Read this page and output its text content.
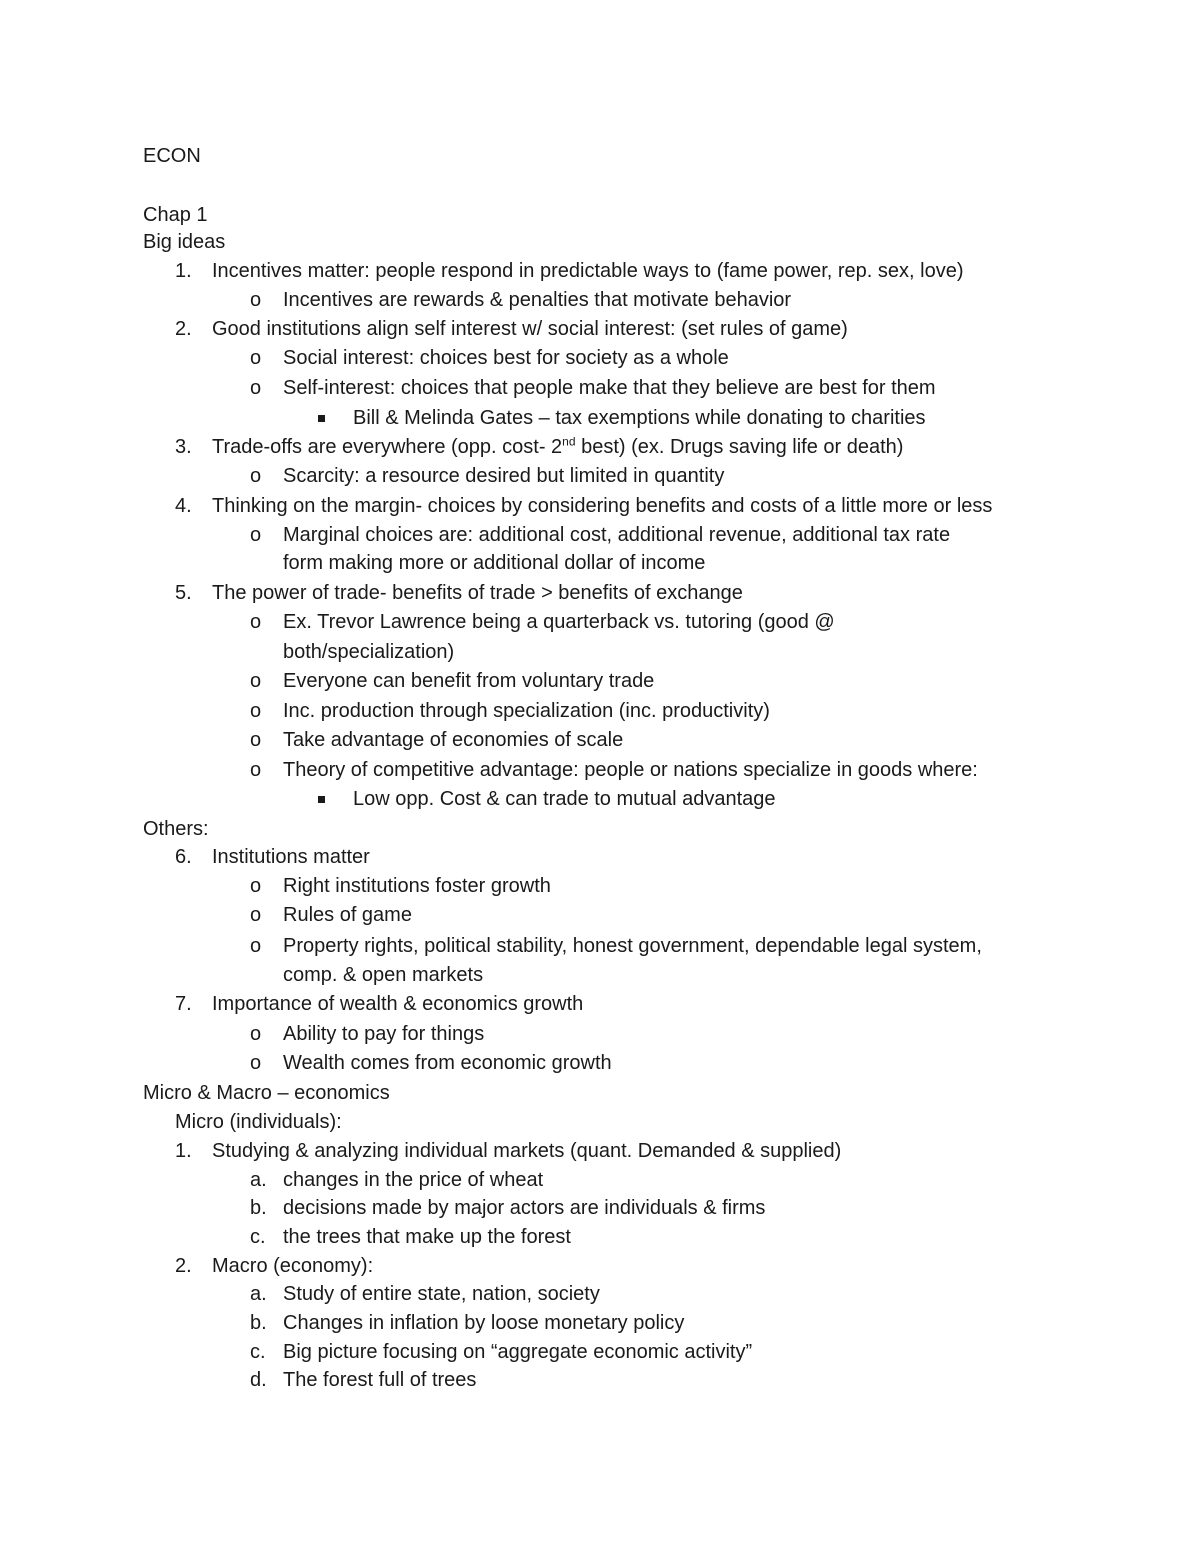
ECON
Chap 1
Big ideas
1. Incentives matter: people respond in predictable ways to (fame power, rep. sex, love)
o Incentives are rewards & penalties that motivate behavior
2. Good institutions align self interest w/ social interest: (set rules of game)
o Social interest: choices best for society as a whole
o Self-interest: choices that people make that they believe are best for them
Bill & Melinda Gates – tax exemptions while donating to charities
3. Trade-offs are everywhere (opp. cost- 2nd best) (ex. Drugs saving life or death)
o Scarcity: a resource desired but limited in quantity
4. Thinking on the margin- choices by considering benefits and costs of a little more or less
o Marginal choices are: additional cost, additional revenue, additional tax rate
form making more or additional dollar of income
5. The power of trade- benefits of trade > benefits of exchange
o Ex. Trevor Lawrence being a quarterback vs. tutoring (good @
both/specialization)
o Everyone can benefit from voluntary trade
o Inc. production through specialization (inc. productivity)
o Take advantage of economies of scale
o Theory of competitive advantage: people or nations specialize in goods where:
Low opp. Cost & can trade to mutual advantage
Others:
6. Institutions matter
o Right institutions foster growth
o Rules of game
o Property rights, political stability, honest government, dependable legal system,
comp. & open markets
7. Importance of wealth & economics growth
o Ability to pay for things
o Wealth comes from economic growth
Micro & Macro – economics
Micro (individuals):
1. Studying & analyzing individual markets (quant. Demanded & supplied)
a. changes in the price of wheat
b. decisions made by major actors are individuals & firms
c. the trees that make up the forest
2. Macro (economy):
a. Study of entire state, nation, society
b. Changes in inflation by loose monetary policy
c. Big picture focusing on “aggregate economic activity”
d. The forest full of trees
